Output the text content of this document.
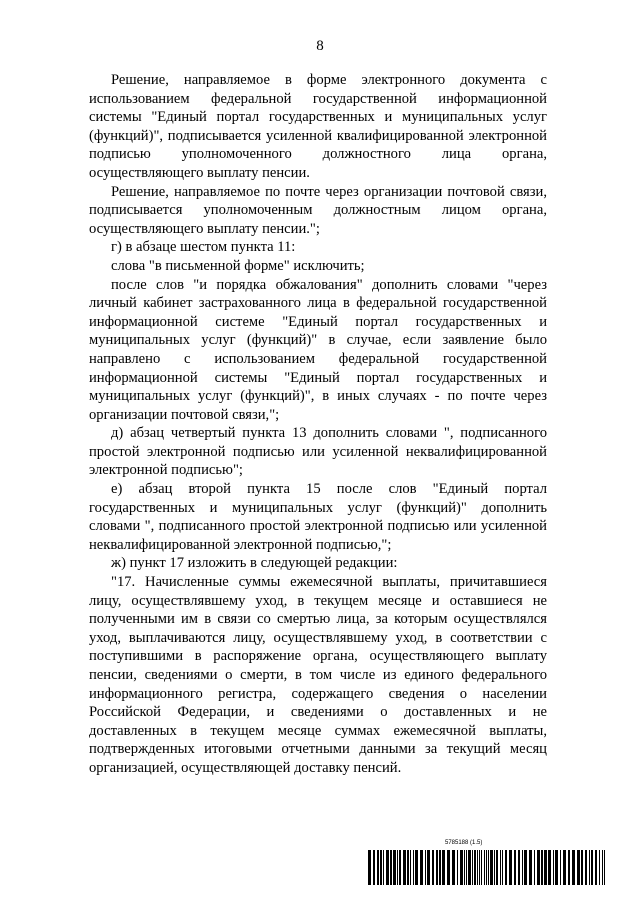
8

Решение, направляемое в форме электронного документа с использованием федеральной государственной информационной системы "Единый портал государственных и муниципальных услуг (функций)", подписывается усиленной квалифицированной электронной подписью уполномоченного должностного лица органа, осуществляющего выплату пенсии.

Решение, направляемое по почте через организации почтовой связи, подписывается уполномоченным должностным лицом органа, осуществляющего выплату пенсии.";

г) в абзаце шестом пункта 11:

слова "в письменной форме" исключить;

после слов "и порядка обжалования" дополнить словами "через личный кабинет застрахованного лица в федеральной государственной информационной системе "Единый портал государственных и муниципальных услуг (функций)" в случае, если заявление было направлено с использованием федеральной государственной информационной системы "Единый портал государственных и муниципальных услуг (функций)", в иных случаях - по почте через организации почтовой связи,";

д) абзац четвертый пункта 13 дополнить словами ", подписанного простой электронной подписью или усиленной неквалифицированной электронной подписью";

е) абзац второй пункта 15 после слов "Единый портал государственных и муниципальных услуг (функций)" дополнить словами ", подписанного простой электронной подписью или усиленной неквалифицированной электронной подписью,";

ж) пункт 17 изложить в следующей редакции:

"17. Начисленные суммы ежемесячной выплаты, причитавшиеся лицу, осуществлявшему уход, в текущем месяце и оставшиеся не полученными им в связи со смертью лица, за которым осуществлялся уход, выплачиваются лицу, осуществлявшему уход, в соответствии с поступившими в распоряжение органа, осуществляющего выплату пенсии, сведениями о смерти, в том числе из единого федерального информационного регистра, содержащего сведения о населении Российской Федерации, и сведениями о доставленных и не доставленных в текущем месяце суммах ежемесячной выплаты, подтвержденных итоговыми отчетными данными за текущий месяц организацией, осуществляющей доставку пенсий.

5785188 (1.5)
